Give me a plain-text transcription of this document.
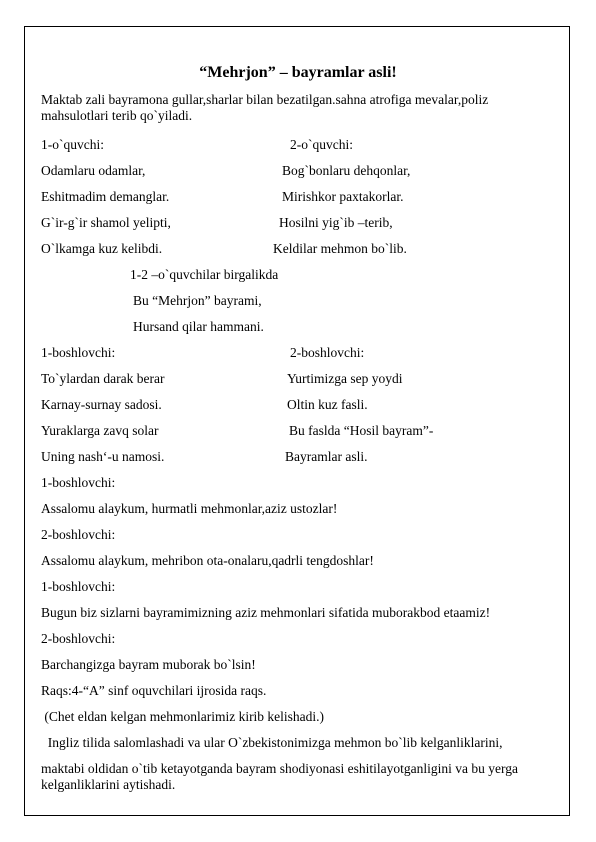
“Mehrjon” – bayramlar asli!
Maktab zali bayramona gullar,sharlar bilan bezatilgan.sahna atrofiga mevalar,poliz
mahsulotlari terib qo`yiladi.
1-o`quvchi:	2-o`quvchi:
Odamlaru odamlar,
Eshitmadim demanglar.
G`ir-g`ir shamol yelipti,
O`lkamga kuz kelibdi.
Bog`bonlaru dehqonlar,
Mirishkor paxtakorlar.
Hosilni yig`ib –terib,
Keldilar mehmon bo`lib.
1-2 –o`quvchilar birgalikda
Bu “Mehrjon” bayrami,
Hursand qilar hammani.
1-boshlovchi:	2-boshlovchi:
To`ylardan darak berar
Karnay-surnay sadosi.
Yuraklarga zavq solar
Uning nash‘-u namosi.
Yurtimizga sep yoydi
Oltin kuz fasli.
Bu faslda “Hosil bayram”-
Bayramlar asli.
1-boshlovchi:
Assalomu alaykum, hurmatli mehmonlar,aziz ustozlar!
2-boshlovchi:
Assalomu alaykum, mehribon ota-onalaru,qadrli tengdoshlar!
1-boshlovchi:
Bugun biz sizlarni bayramimizning aziz mehmonlari sifatida muborakbod etaamiz!
2-boshlovchi:
Barchangizga bayram muborak bo`lsin!
Raqs:4-“A” sinf oquvchilari ijrosida raqs.
(Chet eldan kelgan mehmonlarimiz kirib kelishadi.)
Ingliz tilida salomlashadi va ular O`zbekistonimizga mehmon bo`lib kelganliklarini,
maktabi oldidan o`tib ketayotganda bayram shodiyonasi eshitilayotganligini va bu yerga
kelganliklarini aytishadi.
